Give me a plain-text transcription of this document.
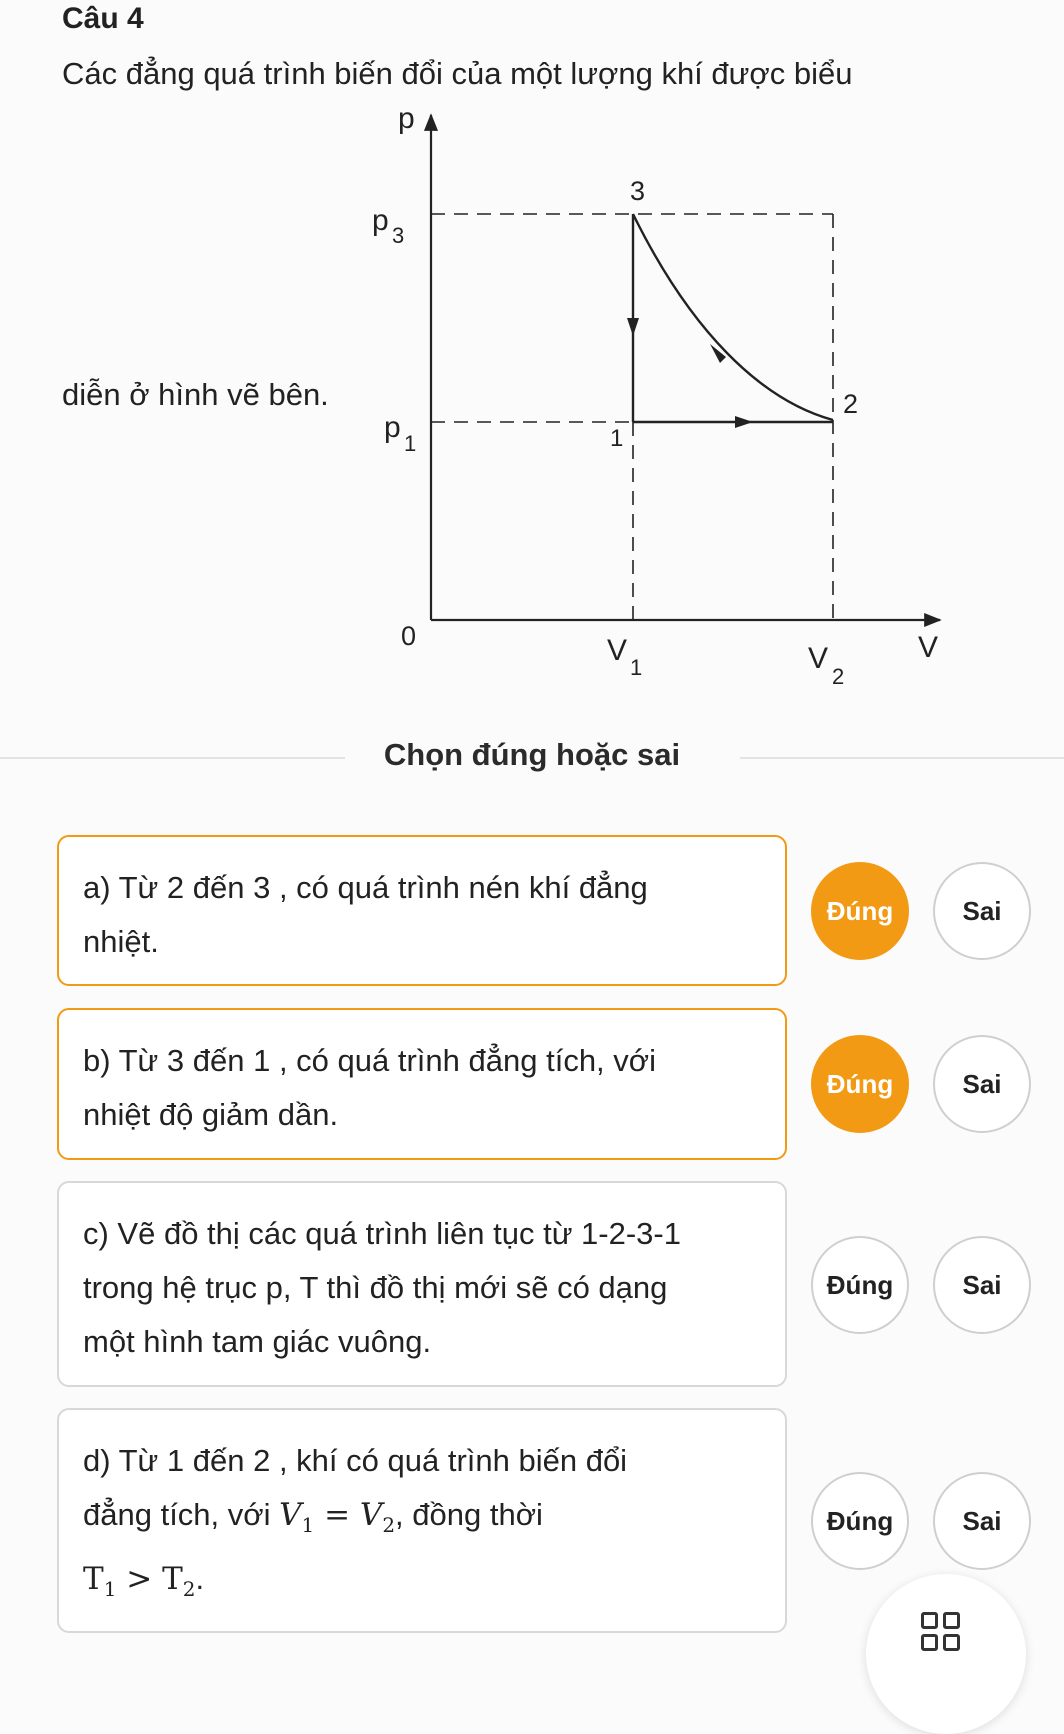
Câu 4
Các đẳng quá trình biến đổi của một lượng khí được biểu
diễn ở hình vẽ bên.
p
V
0
p 3
p 1
V
1	V
2
3
2
1
Chọn đúng hoặc sai
a) Từ 2 đến 3 , có quá trình nén khí đẳng
nhiệt.
Đúng	Sai
b) Từ 3 đến 1 , có quá trình đẳng tích, với
nhiệt độ giảm dần.
Đúng	Sai
c) Vẽ đồ thị các quá trình liên tục từ 1-2-3-1
trong hệ trục p, T thì đồ thị mới sẽ có dạng
một hình tam giác vuông.
Đúng	Sai
d) Từ 1 đến 2 , khí có quá trình biến đổi
đẳng tích, với $V_1 = V_2$, đồng thời
$T_1 > T_2$.
Đúng	Sai
